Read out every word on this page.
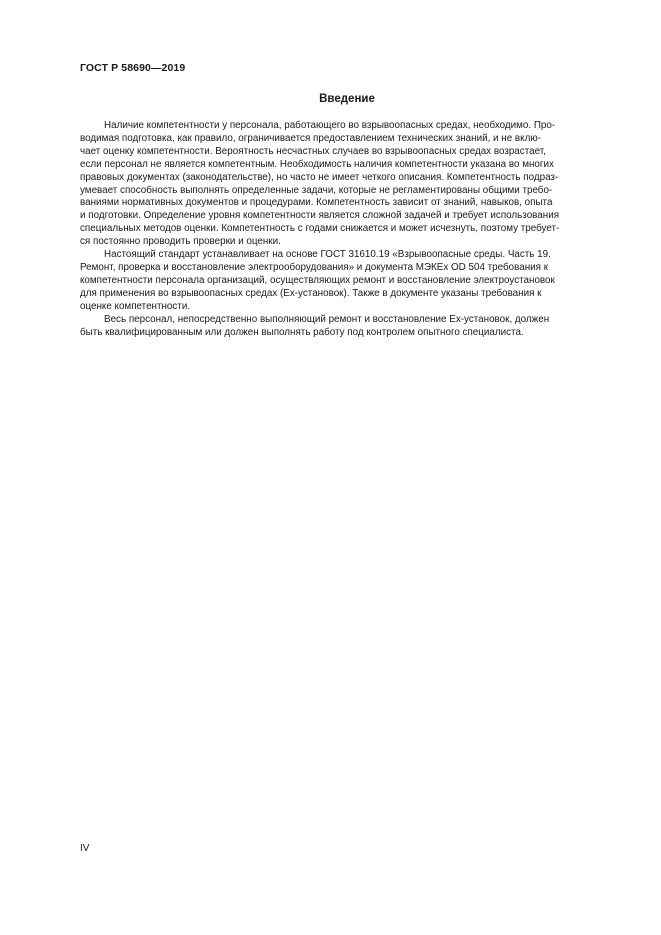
ГОСТ Р 58690—2019
Введение

Наличие компетентности у персонала, работающего во взрывоопасных средах, необходимо. Про-
водимая подготовка, как правило, ограничивается предоставлением технических знаний, и не вклю-
чает оценку компетентности. Вероятность несчастных случаев во взрывоопасных средах возрастает,
если персонал не является компетентным. Необходимость наличия компетентности указана во многих
правовых документах (законодательстве), но часто не имеет четкого описания. Компетентность подраз-
умевает способность выполнять определенные задачи, которые не регламентированы общими требо-
ваниями нормативных документов и процедурами. Компетентность зависит от знаний, навыков, опыта
и подготовки. Определение уровня компетентности является сложной задачей и требует использования
специальных методов оценки. Компетентность с годами снижается и может исчезнуть, поэтому требует-
ся постоянно проводить проверки и оценки.

Настоящий стандарт устанавливает на основе ГОСТ 31610.19 «Взрывоопасные среды. Часть 19.
Ремонт, проверка и восстановление электрооборудования» и документа МЭКЕх OD 504 требования к
компетентности персонала организаций, осуществляющих ремонт и восстановление электроустановок
для применения во взрывоопасных средах (Ех-установок). Также в документе указаны требования к
оценке компетентности.

Весь персонал, непосредственно выполняющий ремонт и восстановление Ех-установок, должен
быть квалифицированным или должен выполнять работу под контролем опытного специалиста.

IV
